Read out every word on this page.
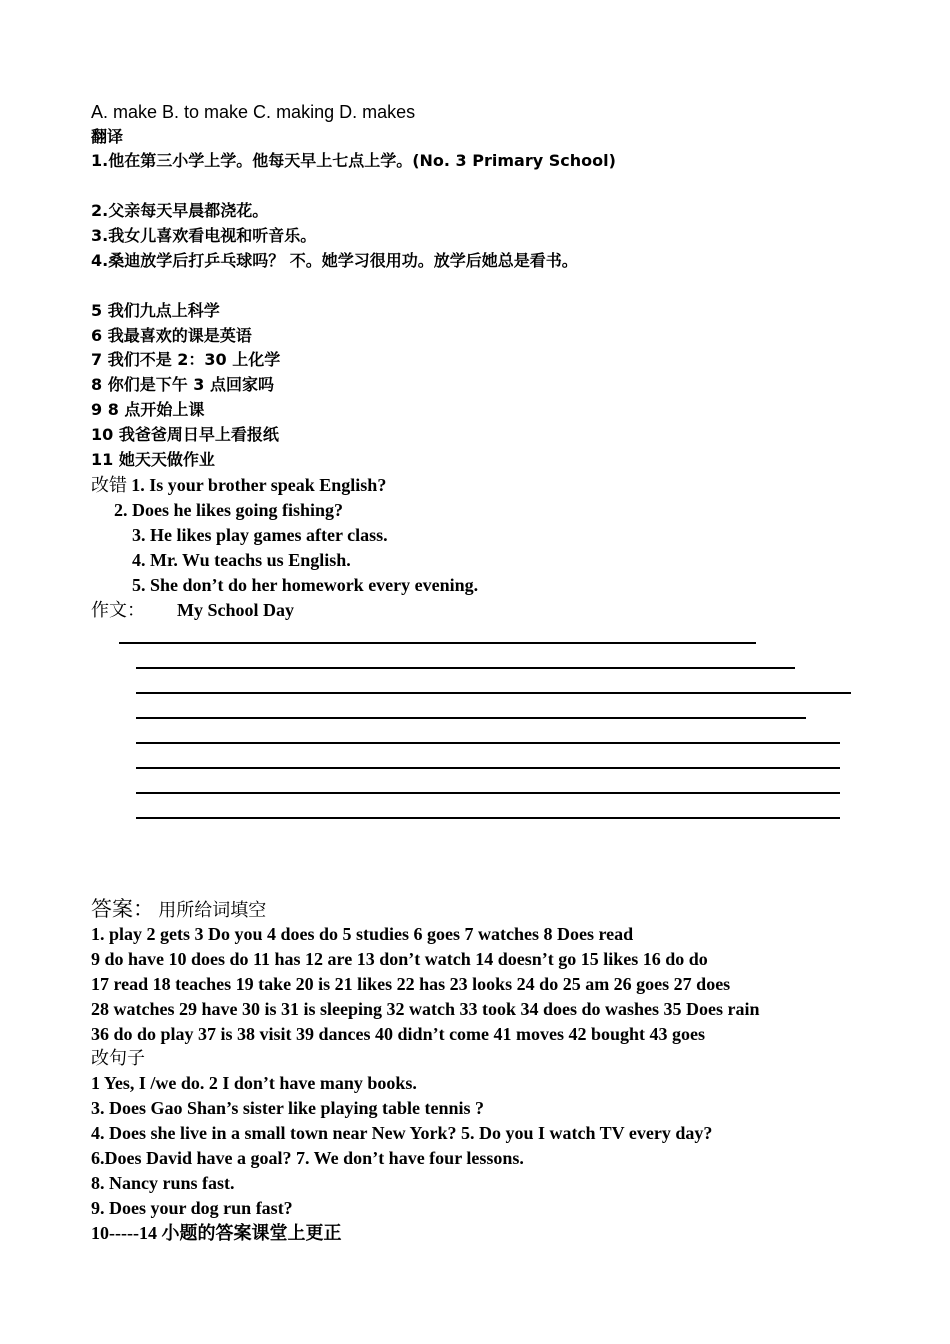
A. make B. to make C. making D. makes
翻译
1.他在第三小学上学。他每天早上七点上学。(No. 3 Primary School)
2.父亲每天早晨都浇花。
3.我女儿喜欢看电视和听音乐。
4.桑迪放学后打乒乓球吗？ 不。她学习很用功。放学后她总是看书。
5 我们九点上科学
6 我最喜欢的课是英语
7 我们不是 2：30 上化学
8 你们是下午 3 点回家吗
9 8 点开始上课
10 我爸爸周日早上看报纸
11 她天天做作业
改错 1. Is your brother speak English?
2. Does he likes going fishing?
3. He likes play games after class.
4. Mr. Wu teachs us English.
5. She don’t do her homework every evening.
作文： My School Day
答案： 用所给词填空
1. play 2 gets 3 Do you 4 does do 5 studies 6 goes 7 watches 8 Does read
9 do have 10 does do 11 has 12 are 13 don’t watch 14 doesn’t go 15 likes 16 do do
17 read 18 teaches 19 take 20 is 21 likes 22 has 23 looks 24 do 25 am 26 goes 27 does
28 watches 29 have 30 is 31 is sleeping 32 watch 33 took 34 does do washes 35 Does rain
36 do do play 37 is 38 visit 39 dances 40 didn’t come 41 moves 42 bought 43 goes
改句子
1 Yes, I /we do. 2 I don’t have many books.
3. Does Gao Shan’s sister like playing table tennis ?
4. Does she live in a small town near New York? 5. Do you I watch TV every day?
6.Does David have a goal? 7. We don’t have four lessons.
8. Nancy runs fast.
9. Does your dog run fast?
10-----14 小题的答案课堂上更正
